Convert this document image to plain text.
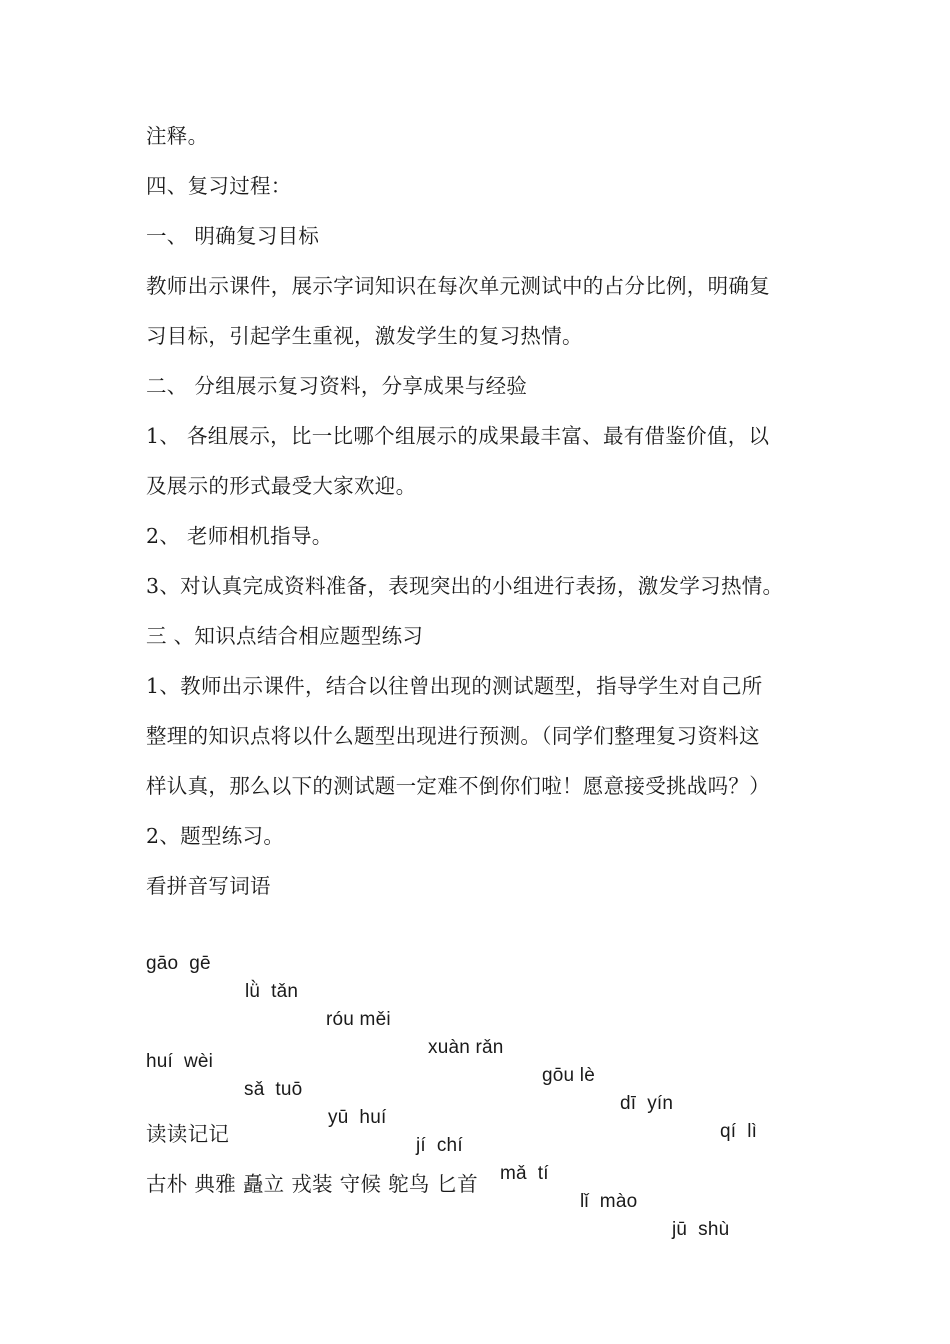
注释。
四、复习过程：
一、 明确复习目标
教师出示课件，展示字词知识在每次单元测试中的占分比例，明确复
习目标，引起学生重视，激发学生的复习热情。
二、 分组展示复习资料，分享成果与经验
1、 各组展示，比一比哪个组展示的成果最丰富、最有借鉴价值，以
及展示的形式最受大家欢迎。
2、 老师相机指导。
3、对认真完成资料准备，表现突出的小组进行表扬，激发学习热情。
三 、知识点结合相应题型练习
1、教师出示课件，结合以往曾出现的测试题型，指导学生对自己所
整理的知识点将以什么题型出现进行预测。（同学们整理复习资料这
样认真，那么以下的测试题一定难不倒你们啦！愿意接受挑战吗？）
2、题型练习。
看拼音写词语

gāo  gē

lǜ  tǎn

róu měi

xuàn rǎn

gōu lè

dī  yín

qí  lì

huí  wèi

sǎ  tuō

yū  huí

jí  chí

mǎ  tí

lǐ  mào

jū  shù

读读记记
古朴 典雅 矗立 戎装 守候 鸵鸟 匕首
